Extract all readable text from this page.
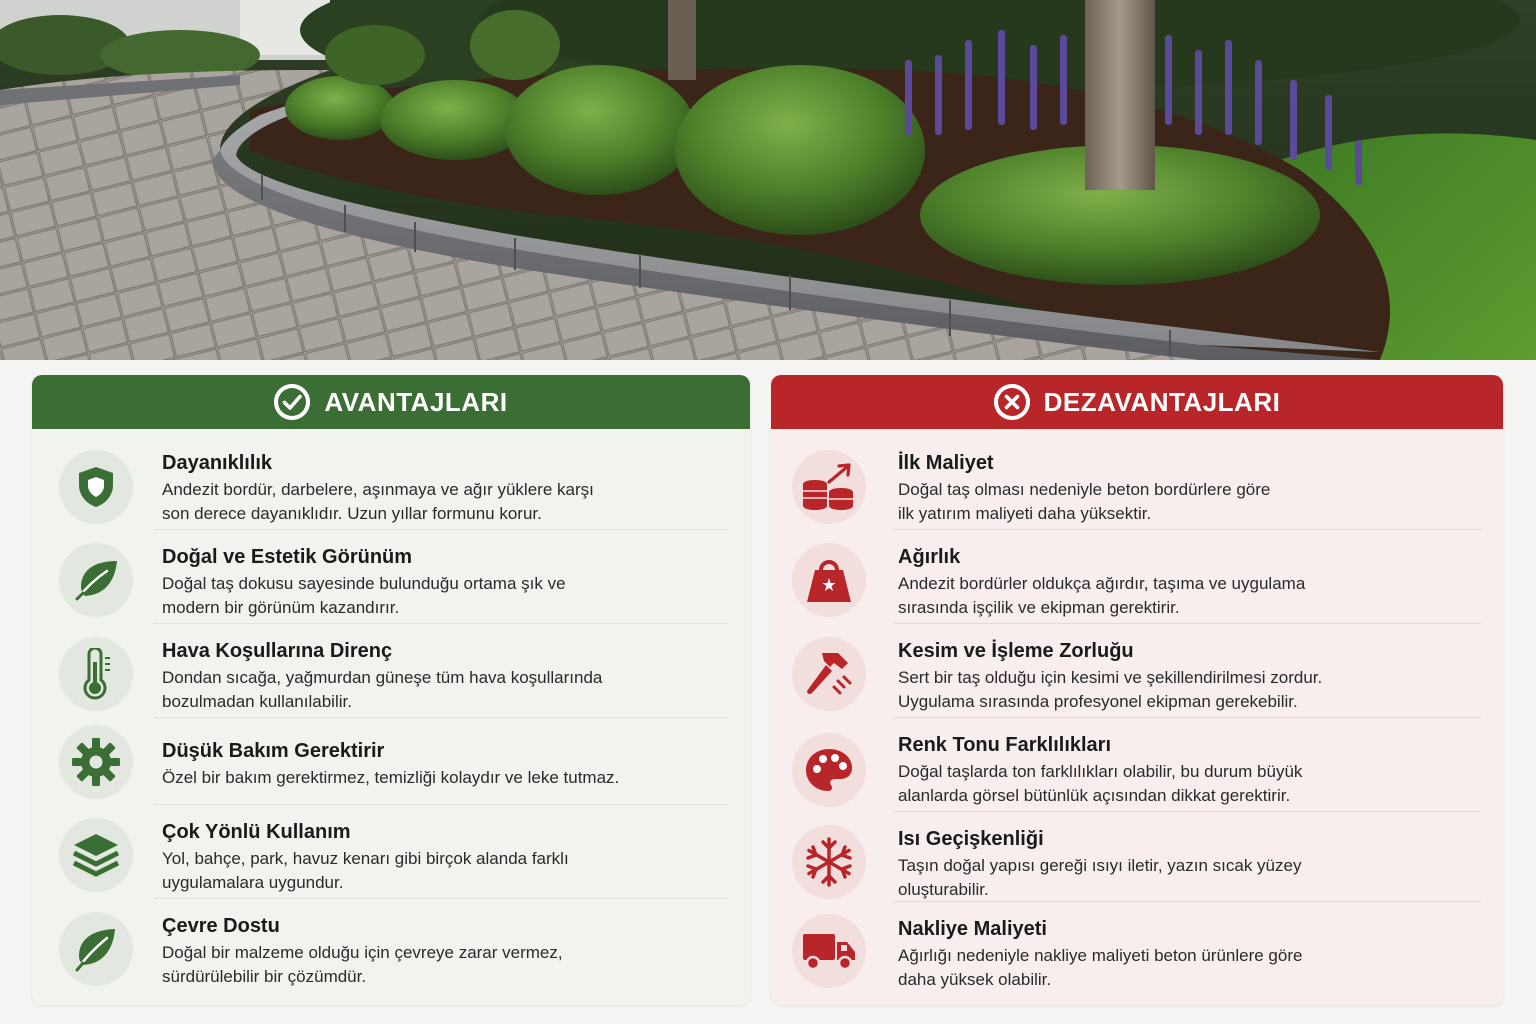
AVANTAJLARI
Dayanıklılık
Andezit bordür, darbelere, aşınmaya ve ağır yüklere karşı
son derece dayanıklıdır. Uzun yıllar formunu korur.
Doğal ve Estetik Görünüm
Doğal taş dokusu sayesinde bulunduğu ortama şık ve
modern bir görünüm kazandırır.
Hava Koşullarına Direnç
Dondan sıcağa, yağmurdan güneşe tüm hava koşullarında
bozulmadan kullanılabilir.
Düşük Bakım Gerektirir
Özel bir bakım gerektirmez, temizliği kolaydır ve leke tutmaz.
Çok Yönlü Kullanım
Yol, bahçe, park, havuz kenarı gibi birçok alanda farklı
uygulamalara uygundur.
Çevre Dostu
Doğal bir malzeme olduğu için çevreye zarar vermez,
sürdürülebilir bir çözümdür.
DEZAVANTAJLARI
İlk Maliyet
Doğal taş olması nedeniyle beton bordürlere göre
ilk yatırım maliyeti daha yüksektir.
Ağırlık
Andezit bordürler oldukça ağırdır, taşıma ve uygulama
sırasında işçilik ve ekipman gerektirir.
Kesim ve İşleme Zorluğu
Sert bir taş olduğu için kesimi ve şekillendirilmesi zordur.
Uygulama sırasında profesyonel ekipman gerekebilir.
Renk Tonu Farklılıkları
Doğal taşlarda ton farklılıkları olabilir, bu durum büyük
alanlarda görsel bütünlük açısından dikkat gerektirir.
Isı Geçişkenliği
Taşın doğal yapısı gereği ısıyı iletir, yazın sıcak yüzey
oluşturabilir.
Nakliye Maliyeti
Ağırlığı nedeniyle nakliye maliyeti beton ürünlere göre
daha yüksek olabilir.
